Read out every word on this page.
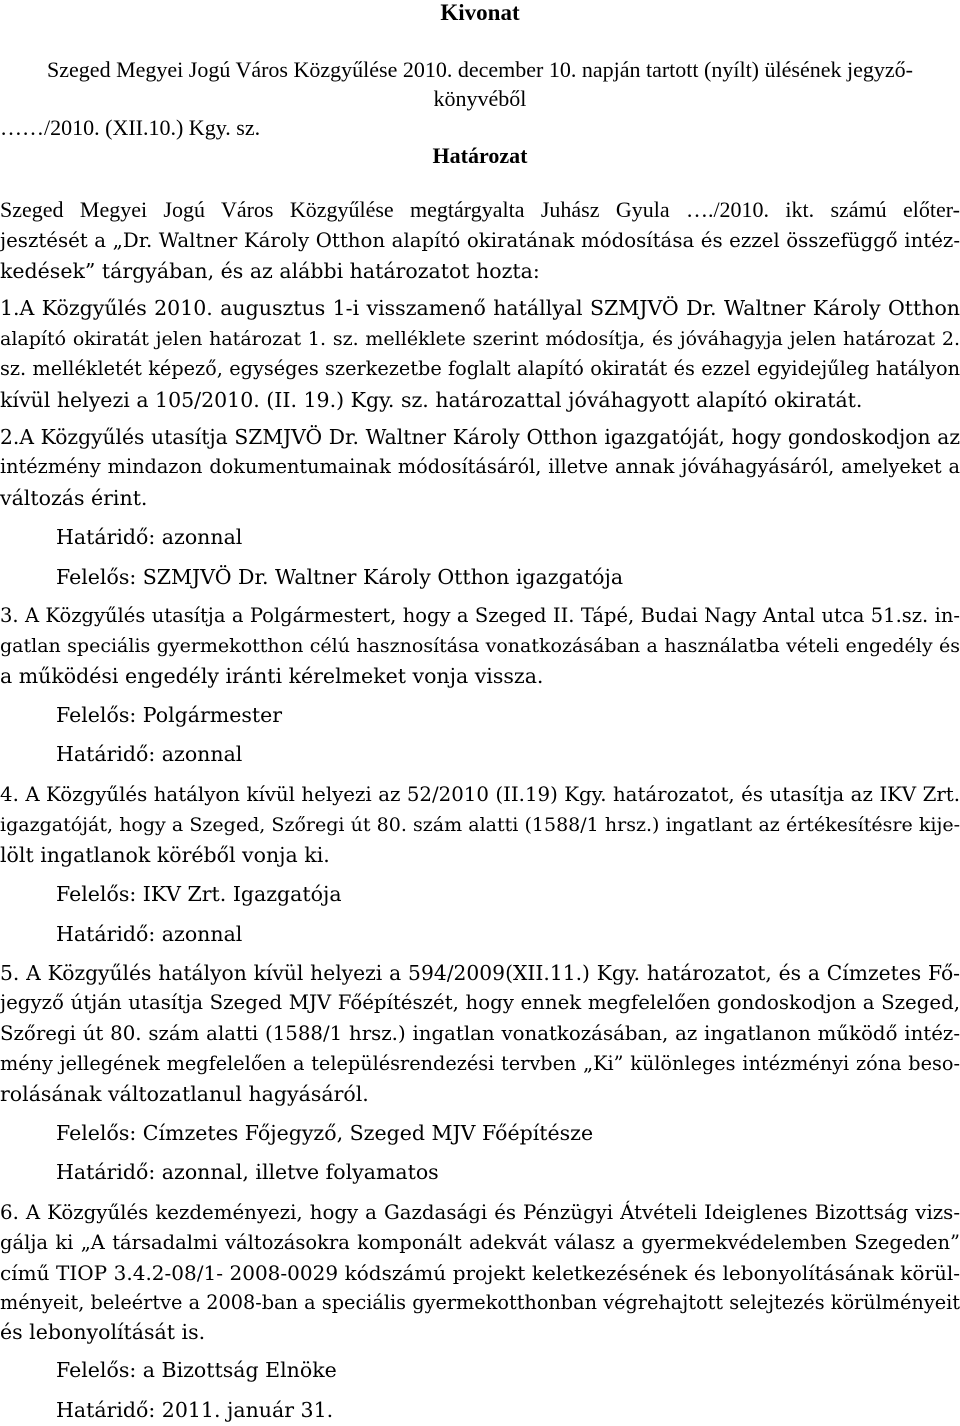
Kivonat
Szeged Megyei Jogú Város Közgyűlése 2010. december 10. napján tartott (nyílt) ülésének jegyző-
könyvéből
……/2010. (XII.10.) Kgy. sz.
Határozat
Szeged Megyei Jogú Város Közgyűlése megtárgyalta Juhász Gyula …./2010. ikt. számú előter-
jesztését a „Dr. Waltner Károly Otthon alapító okiratának módosítása és ezzel összefüggő intéz-
kedések” tárgyában, és az alábbi határozatot hozta:
1.A Közgyűlés 2010. augusztus 1-i visszamenő hatállyal SZMJVÖ Dr. Waltner Károly Otthon
alapító okiratát jelen határozat 1. sz. melléklete szerint módosítja, és jóváhagyja jelen határozat 2.
sz. mellékletét képező, egységes szerkezetbe foglalt alapító okiratát és ezzel egyidejűleg hatályon
kívül helyezi a 105/2010. (II. 19.) Kgy. sz. határozattal jóváhagyott alapító okiratát.
2.A Közgyűlés utasítja SZMJVÖ Dr. Waltner Károly Otthon igazgatóját, hogy gondoskodjon az
intézmény mindazon dokumentumainak módosításáról, illetve annak jóváhagyásáról, amelyeket a
változás érint.
Határidő: azonnal
Felelős: SZMJVÖ Dr. Waltner Károly Otthon igazgatója
3. A Közgyűlés utasítja a Polgármestert, hogy a Szeged II. Tápé, Budai Nagy Antal utca 51.sz. in-
gatlan speciális gyermekotthon célú hasznosítása vonatkozásában a használatba vételi engedély és
a működési engedély iránti kérelmeket vonja vissza.
Felelős: Polgármester
Határidő: azonnal
4. A Közgyűlés hatályon kívül helyezi az 52/2010 (II.19) Kgy. határozatot, és utasítja az IKV Zrt.
igazgatóját, hogy a Szeged, Szőregi út 80. szám alatti (1588/1 hrsz.) ingatlant az értékesítésre kije-
lölt ingatlanok köréből vonja ki.
Felelős: IKV Zrt. Igazgatója
Határidő: azonnal
5. A Közgyűlés hatályon kívül helyezi a 594/2009(XII.11.) Kgy. határozatot, és a Címzetes Fő-
jegyző útján utasítja Szeged MJV Főépítészét, hogy ennek megfelelően gondoskodjon a Szeged,
Szőregi út 80. szám alatti (1588/1 hrsz.) ingatlan vonatkozásában, az ingatlanon működő intéz-
mény jellegének megfelelően a településrendezési tervben „Ki” különleges intézményi zóna beso-
rolásának változatlanul hagyásáról.
Felelős: Címzetes Főjegyző, Szeged MJV Főépítésze
Határidő: azonnal, illetve folyamatos
6. A Közgyűlés kezdeményezi, hogy a Gazdasági és Pénzügyi Átvételi Ideiglenes Bizottság vizs-
gálja ki „A társadalmi változásokra komponált adekvát válasz a gyermekvédelemben Szegeden”
című TIOP 3.4.2-08/1- 2008-0029 kódszámú projekt keletkezésének és lebonyolításának körül-
ményeit, beleértve a 2008-ban a speciális gyermekotthonban végrehajtott selejtezés körülményeit
és lebonyolítását is.
Felelős: a Bizottság Elnöke
Határidő: 2011. január 31.
